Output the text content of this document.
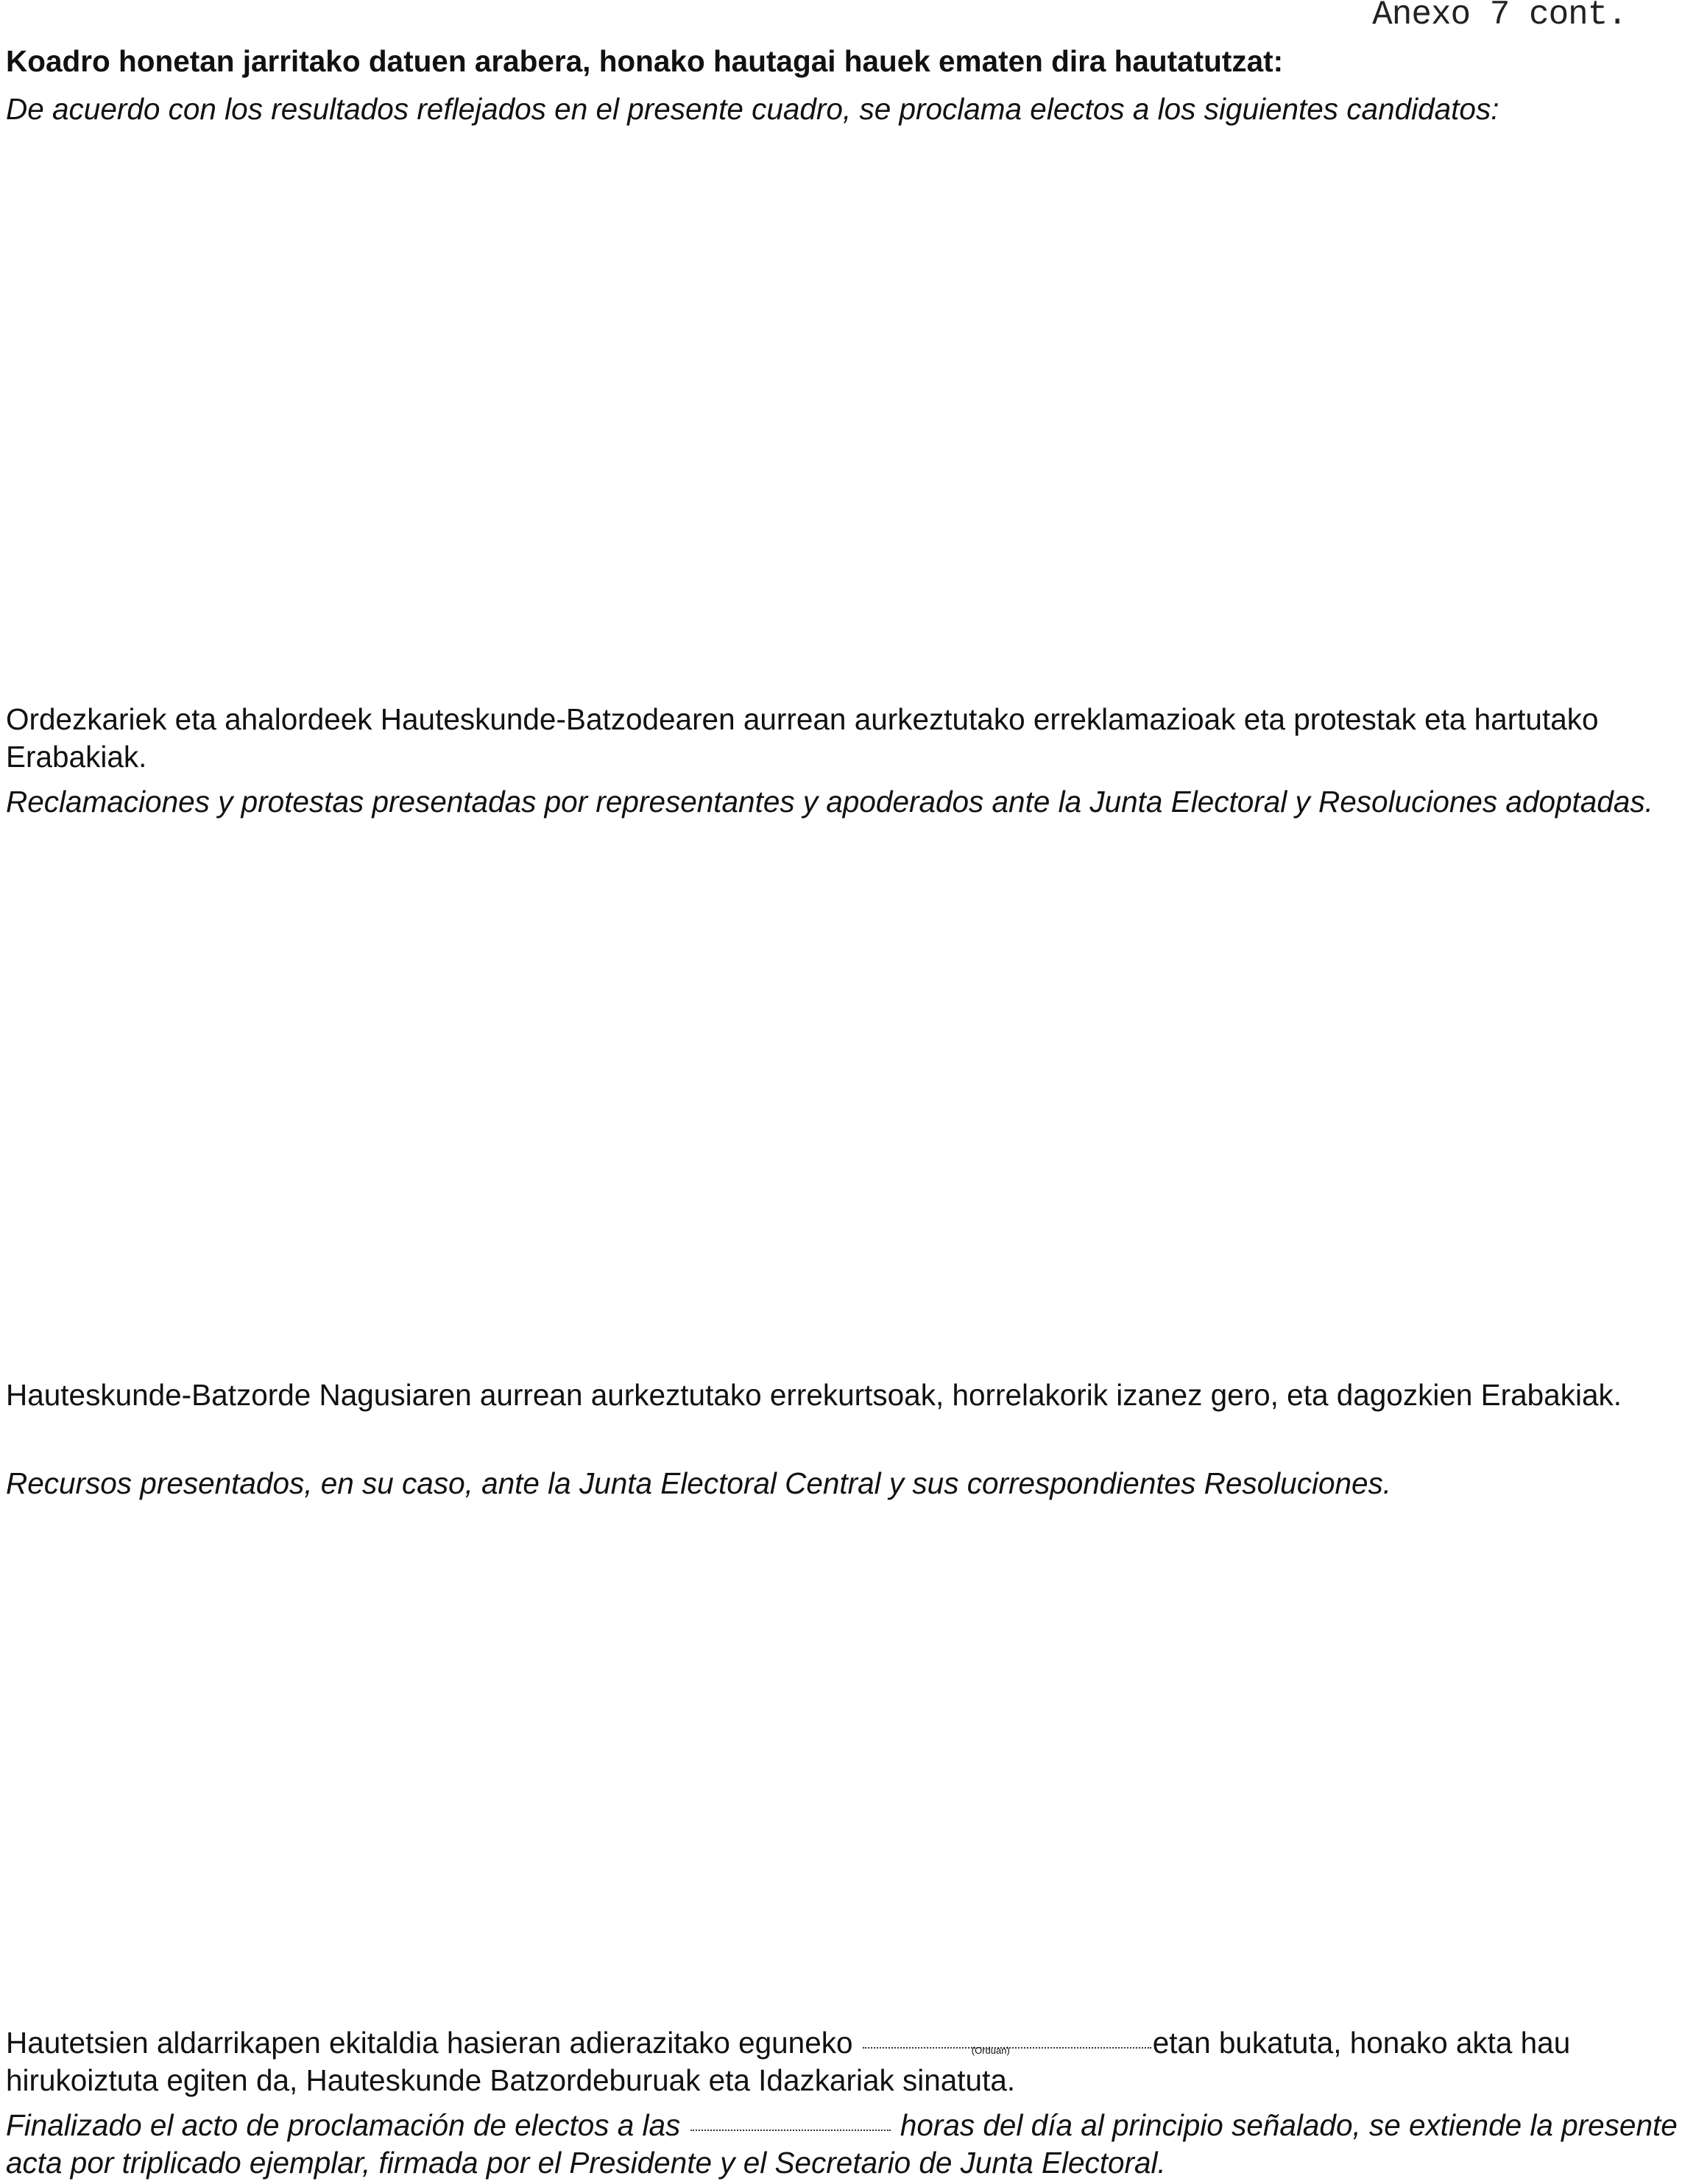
Anexo 7 cont.

Koadro honetan jarritako datuen arabera, honako hautagai hauek ematen dira hautatutzat:

De acuerdo con los resultados reflejados en el presente cuadro, se proclama electos a los siguientes candidatos:

Ordezkariek eta ahalordeek Hauteskunde-Batzodearen aurrean aurkeztutako erreklamazioak eta protestak eta hartutako Erabakiak.

Reclamaciones y protestas presentadas por representantes y apoderados ante la Junta Electoral y Resoluciones adoptadas.

Hauteskunde-Batzorde Nagusiaren aurrean aurkeztutako errekurtsoak, horrelakorik izanez gero, eta dagozkien Erabakiak.

Recursos presentados, en su caso, ante la Junta Electoral Central y sus correspondientes Resoluciones.

Hautetsien aldarrikapen ekitaldia hasieran adierazitako eguneko	(Orduan)	etan bukatuta, honako akta hau hirukoiztuta egiten da, Hauteskunde Batzordeburuak eta Idazkariak sinatuta.

Finalizado el acto de proclamación de electos a las	horas del día al principio señalado, se extiende la presente acta por triplicado ejemplar, firmada por el Presidente y el Secretario de Junta Electoral.
